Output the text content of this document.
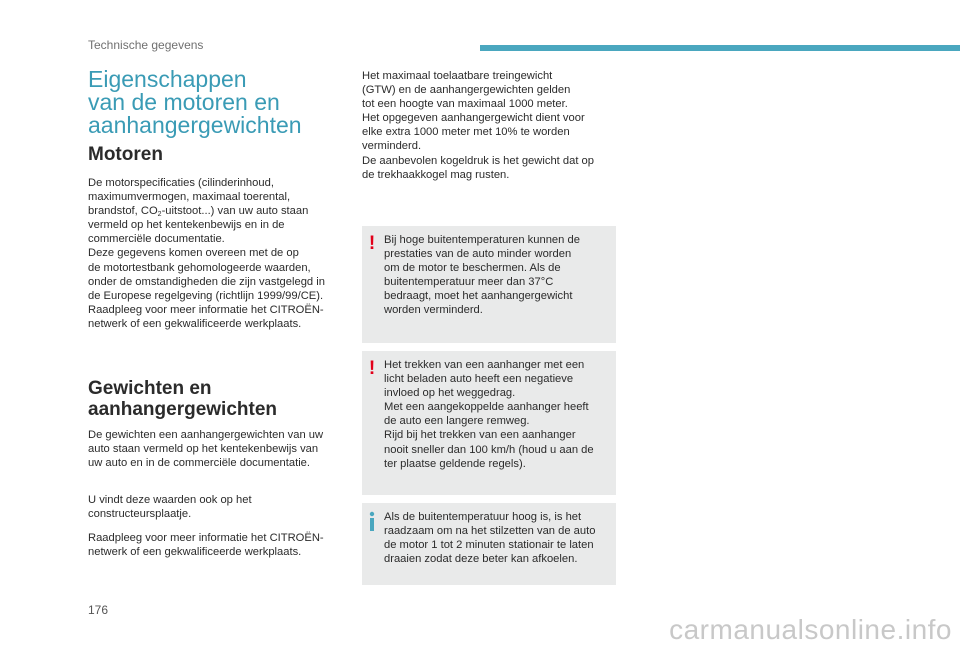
Technische gegevens
Eigenschappen
van de motoren en
aanhangergewichten
Motoren
De motorspecificaties (cilinderinhoud,
maximumvermogen, maximaal toerental,
brandstof, $CO_2-uitstoot$...) van uw auto staan
vermeld op het kentekenbewijs en in de
commerciële documentatie.
Deze gegevens komen overeen met de op
de motortestbank gehomologeerde waarden,
onder de omstandigheden die zijn vastgelegd in
de Europese regelgeving (richtlijn 1999/99/CE).
Raadpleeg voor meer informatie het CITROËN-
netwerk of een gekwalificeerde werkplaats.
Gewichten en
aanhangergewichten
De gewichten een aanhangergewichten van uw
auto staan vermeld op het kentekenbewijs van
uw auto en in de commerciële documentatie.
U vindt deze waarden ook op het
constructeursplaatje.
Raadpleeg voor meer informatie het CITROËN-
netwerk of een gekwalificeerde werkplaats.
Het maximaal toelaatbare treingewicht
(GTW) en de aanhangergewichten gelden
tot een hoogte van maximaal 1000 meter.
Het opgegeven aanhangergewicht dient voor
elke extra 1000 meter met 10% te worden
verminderd.
De aanbevolen kogeldruk is het gewicht dat op
de trekhaakkogel mag rusten.
! Bij hoge buitentemperaturen kunnen de
prestaties van de auto minder worden
om de motor te beschermen. Als de
buitentemperatuur meer dan 37°C
bedraagt, moet het aanhangergewicht
worden verminderd.
! Het trekken van een aanhanger met een
licht beladen auto heeft een negatieve
invloed op het weggedrag.
Met een aangekoppelde aanhanger heeft
de auto een langere remweg.
Rijd bij het trekken van een aanhanger
nooit sneller dan 100 km/h (houd u aan de
ter plaatse geldende regels).
Als de buitentemperatuur hoog is, is het
raadzaam om na het stilzetten van de auto
de motor 1 tot 2 minuten stationair te laten
draaien zodat deze beter kan afkoelen.
176
carmanualsonline.info
